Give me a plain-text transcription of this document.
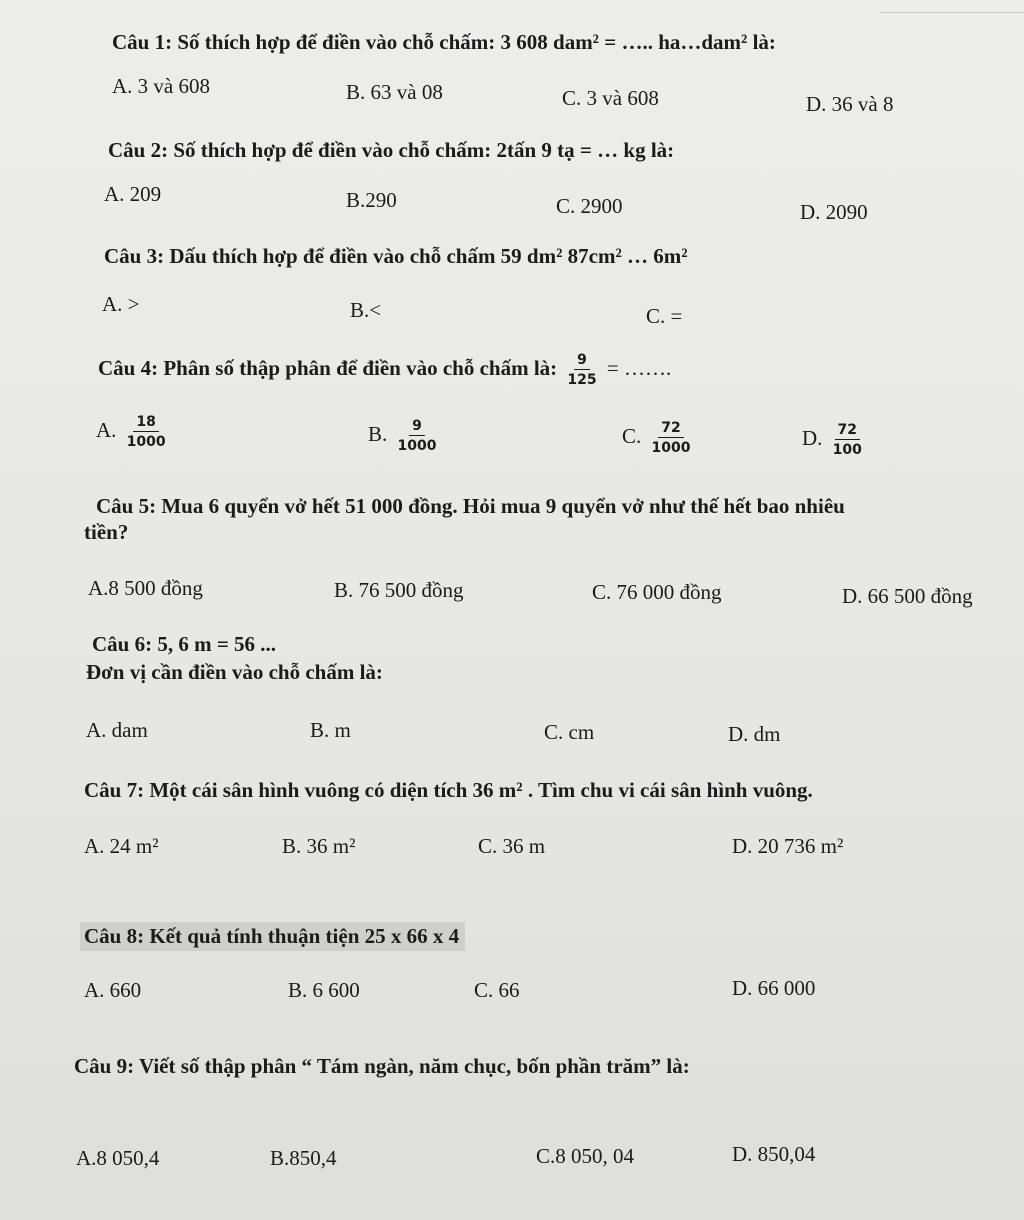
Câu 1: Số thích hợp để điền vào chỗ chấm: 3 608 dam² = ….. ha…dam² là:
A. 3 và 608	B. 63 và 08	C. 3 và 608	D. 36 và 8
Câu 2: Số thích hợp để điền vào chỗ chấm: 2tấn 9 tạ = … kg là:
A. 209	B.290	C. 2900	D. 2090
Câu 3: Dấu thích hợp để điền vào chỗ chấm 59 dm² 87cm² … 6m²
A. >	B.<	C. =
Câu 4: Phân số thập phân để điền vào chỗ chấm là: $\frac{9}{125}$ = …….
A. $\frac{18}{1000}$	B. $\frac{9}{1000}$	C. $\frac{72}{1000}$	D. $\frac{72}{100}$
Câu 5: Mua 6 quyển vở hết 51 000 đồng. Hỏi mua 9 quyển vở như thế hết bao nhiêu
tiền?
A.8 500 đồng	B. 76 500 đồng	C. 76 000 đồng	D. 66 500 đồng
Câu 6: 5, 6 m = 56 ...
Đơn vị cần điền vào chỗ chấm là:
A. dam	B. m	C. cm	D. dm
Câu 7: Một cái sân hình vuông có diện tích 36 m² . Tìm chu vi cái sân hình vuông.
A. 24 m²	B. 36 m²	C. 36 m	D. 20 736 m²
Câu 8: Kết quả tính thuận tiện 25 x 66 x 4
A. 660	B. 6 600	C. 66	D. 66 000
Câu 9: Viết số thập phân “ Tám ngàn, năm chục, bốn phần trăm” là:
A.8 050,4	B.850,4	C.8 050, 04	D. 850,04
